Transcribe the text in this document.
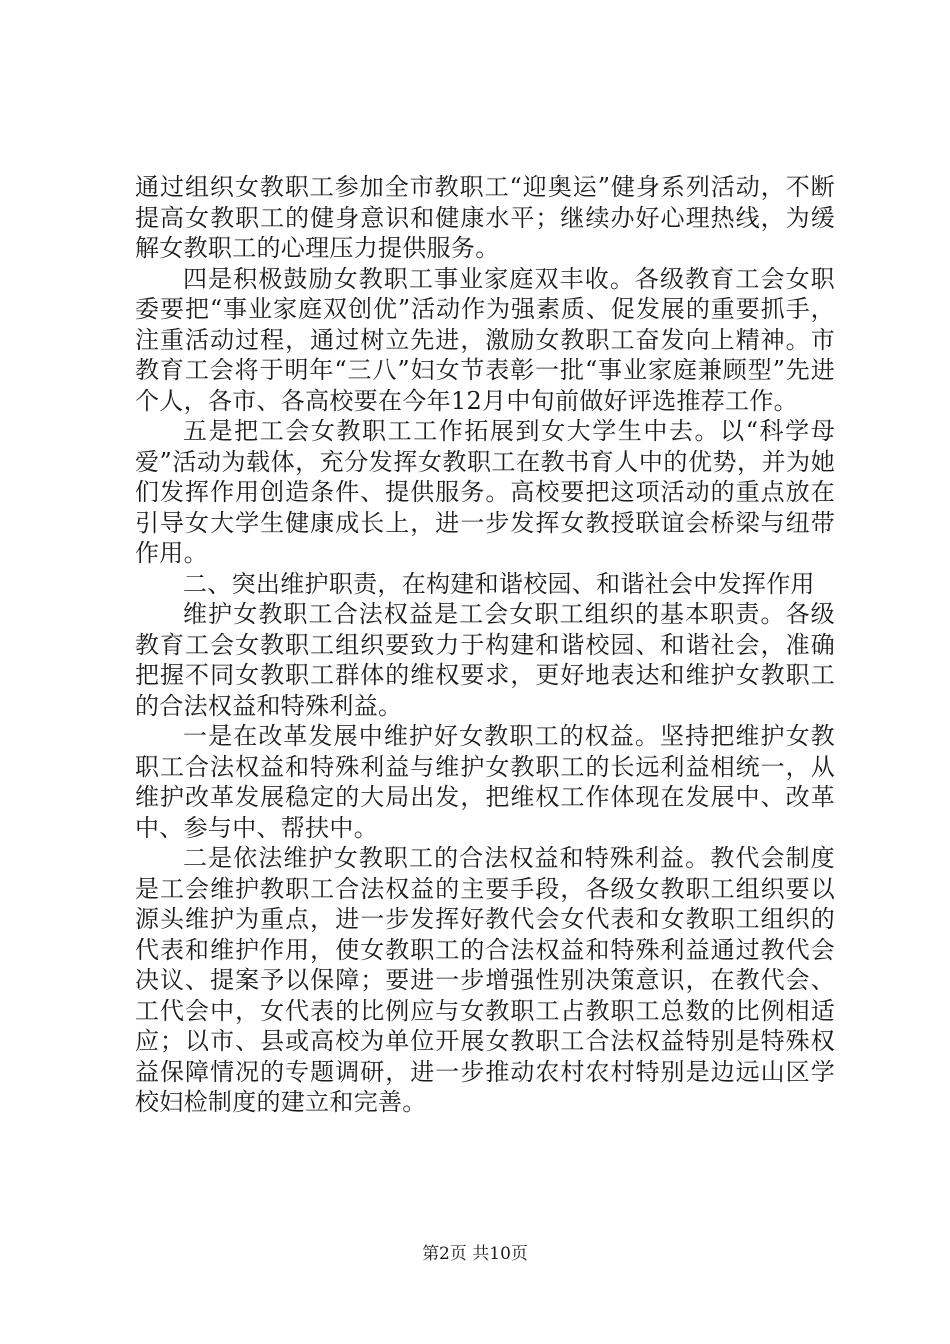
通过组织女教职工参加全市教职工“迎奥运”健身系列活动，不断提高女教职工的健身意识和健康水平；继续办好心理热线，为缓解女教职工的心理压力提供服务。

四是积极鼓励女教职工事业家庭双丰收。各级教育工会女职委要把“事业家庭双创优”活动作为强素质、促发展的重要抓手，注重活动过程，通过树立先进，激励女教职工奋发向上精神。市教育工会将于明年“三八”妇女节表彰一批“事业家庭兼顾型”先进个人，各市、各高校要在今年12月中旬前做好评选推荐工作。

五是把工会女教职工工作拓展到女大学生中去。以“科学母爱”活动为载体，充分发挥女教职工在教书育人中的优势，并为她们发挥作用创造条件、提供服务。高校要把这项活动的重点放在引导女大学生健康成长上，进一步发挥女教授联谊会桥梁与纽带作用。

二、突出维护职责，在构建和谐校园、和谐社会中发挥作用

维护女教职工合法权益是工会女职工组织的基本职责。各级教育工会女教职工组织要致力于构建和谐校园、和谐社会，准确把握不同女教职工群体的维权要求，更好地表达和维护女教职工的合法权益和特殊利益。

一是在改革发展中维护好女教职工的权益。坚持把维护女教职工合法权益和特殊利益与维护女教职工的长远利益相统一，从维护改革发展稳定的大局出发，把维权工作体现在发展中、改革中、参与中、帮扶中。

二是依法维护女教职工的合法权益和特殊利益。教代会制度是工会维护教职工合法权益的主要手段，各级女教职工组织要以源头维护为重点，进一步发挥好教代会女代表和女教职工组织的代表和维护作用，使女教职工的合法权益和特殊利益通过教代会决议、提案予以保障；要进一步增强性别决策意识，在教代会、工代会中，女代表的比例应与女教职工占教职工总数的比例相适应；以市、县或高校为单位开展女教职工合法权益特别是特殊权益保障情况的专题调研，进一步推动农村农村特别是边远山区学校妇检制度的建立和完善。

第2页 共10页
